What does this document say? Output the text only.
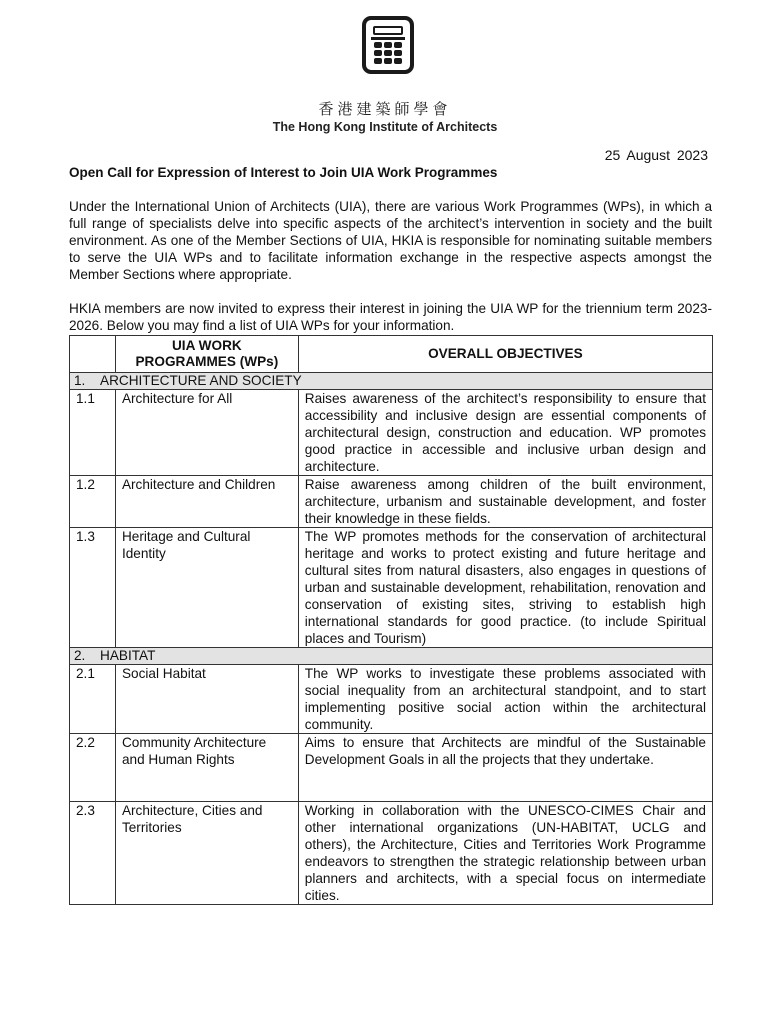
香港建築師學會
The Hong Kong Institute of Architects
25 August 2023
Open Call for Expression of Interest to Join UIA Work Programmes
Under the International Union of Architects (UIA), there are various Work Programmes (WPs), in which a full range of specialists delve into specific aspects of the architect’s intervention in society and the built environment. As one of the Member Sections of UIA, HKIA is responsible for nominating suitable members to serve the UIA WPs and to facilitate information exchange in the respective aspects amongst the Member Sections where appropriate.
HKIA members are now invited to express their interest in joining the UIA WP for the triennium term 2023-2026. Below you may find a list of UIA WPs for your information.
	UIA WORK PROGRAMMES (WPs)	OVERALL OBJECTIVES
1. ARCHITECTURE AND SOCIETY		
1.1	Architecture for All	Raises awareness of the architect’s responsibility to ensure that accessibility and inclusive design are essential components of architectural design, construction and education. WP promotes good practice in accessible and inclusive urban design and architecture.
1.2	Architecture and Children	Raise awareness among children of the built environment, architecture, urbanism and sustainable development, and foster their knowledge in these fields.
1.3	Heritage and Cultural Identity	The WP promotes methods for the conservation of architectural heritage and works to protect existing and future heritage and cultural sites from natural disasters, also engages in questions of urban and sustainable development, rehabilitation, renovation and conservation of existing sites, striving to establish high international standards for good practice. (to include Spiritual places and Tourism)
2. HABITAT		
2.1	Social Habitat	The WP works to investigate these problems associated with social inequality from an architectural standpoint, and to start implementing positive social action within the architectural community.
2.2	Community Architecture and Human Rights	Aims to ensure that Architects are mindful of the Sustainable Development Goals in all the projects that they undertake.
2.3	Architecture, Cities and Territories	Working in collaboration with the UNESCO-CIMES Chair and other international organizations (UN-HABITAT, UCLG and others), the Architecture, Cities and Territories Work Programme endeavors to strengthen the strategic relationship between urban planners and architects, with a special focus on intermediate cities.
